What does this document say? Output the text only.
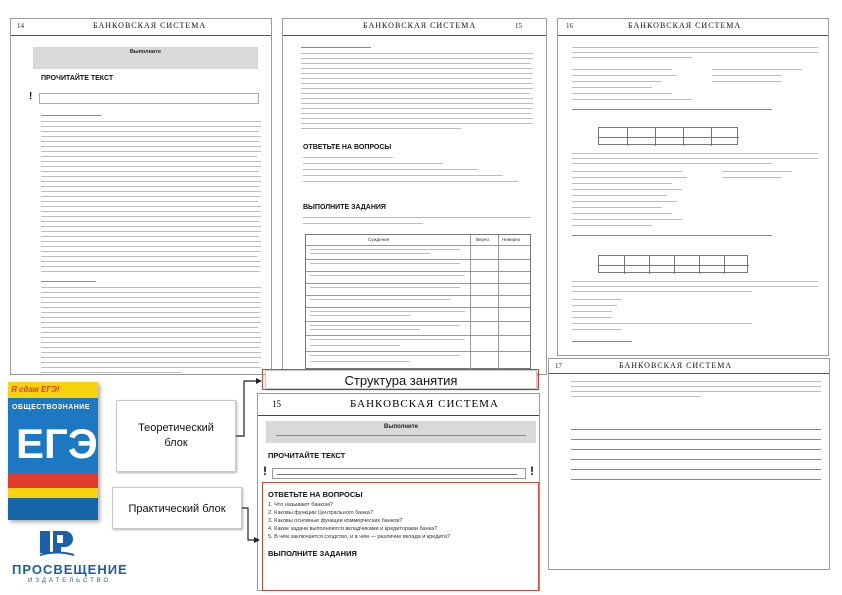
14	БАНКОВСКАЯ СИСТЕМА
Выполните
ПРОЧИТАЙТЕ ТЕКСТ
!
БАНКОВСКАЯ СИСТЕМА	15
ОТВЕТЬТЕ НА ВОПРОСЫ
ВЫПОЛНИТЕ ЗАДАНИЯ
Суждение	Верно	Неверно
16	БАНКОВСКАЯ СИСТЕМА
17	БАНКОВСКАЯ СИСТЕМА
15	БАНКОВСКАЯ СИСТЕМА
Выполните
ПРОЧИТАЙТЕ ТЕКСТ
!	!
ОТВЕТЬТЕ НА ВОПРОСЫ
1. Что называют банком?
2. Каковы функции Центрального банка?
3. Каковы основные функции коммерческих банков?
4. Какие задачи выполняются вкладчиками и кредиторами банка?
5. В чём заключается сходство, и в чём — различие вклада и кредита?
ВЫПОЛНИТЕ ЗАДАНИЯ
Я сдам ЕГЭ!
ОБЩЕСТВОЗНАНИЕ
ЕГЭ
ПРОСВЕЩЕНИЕ
ИЗДАТЕЛЬСТВО
Структура занятия
Теоретический блок
Практический блок
